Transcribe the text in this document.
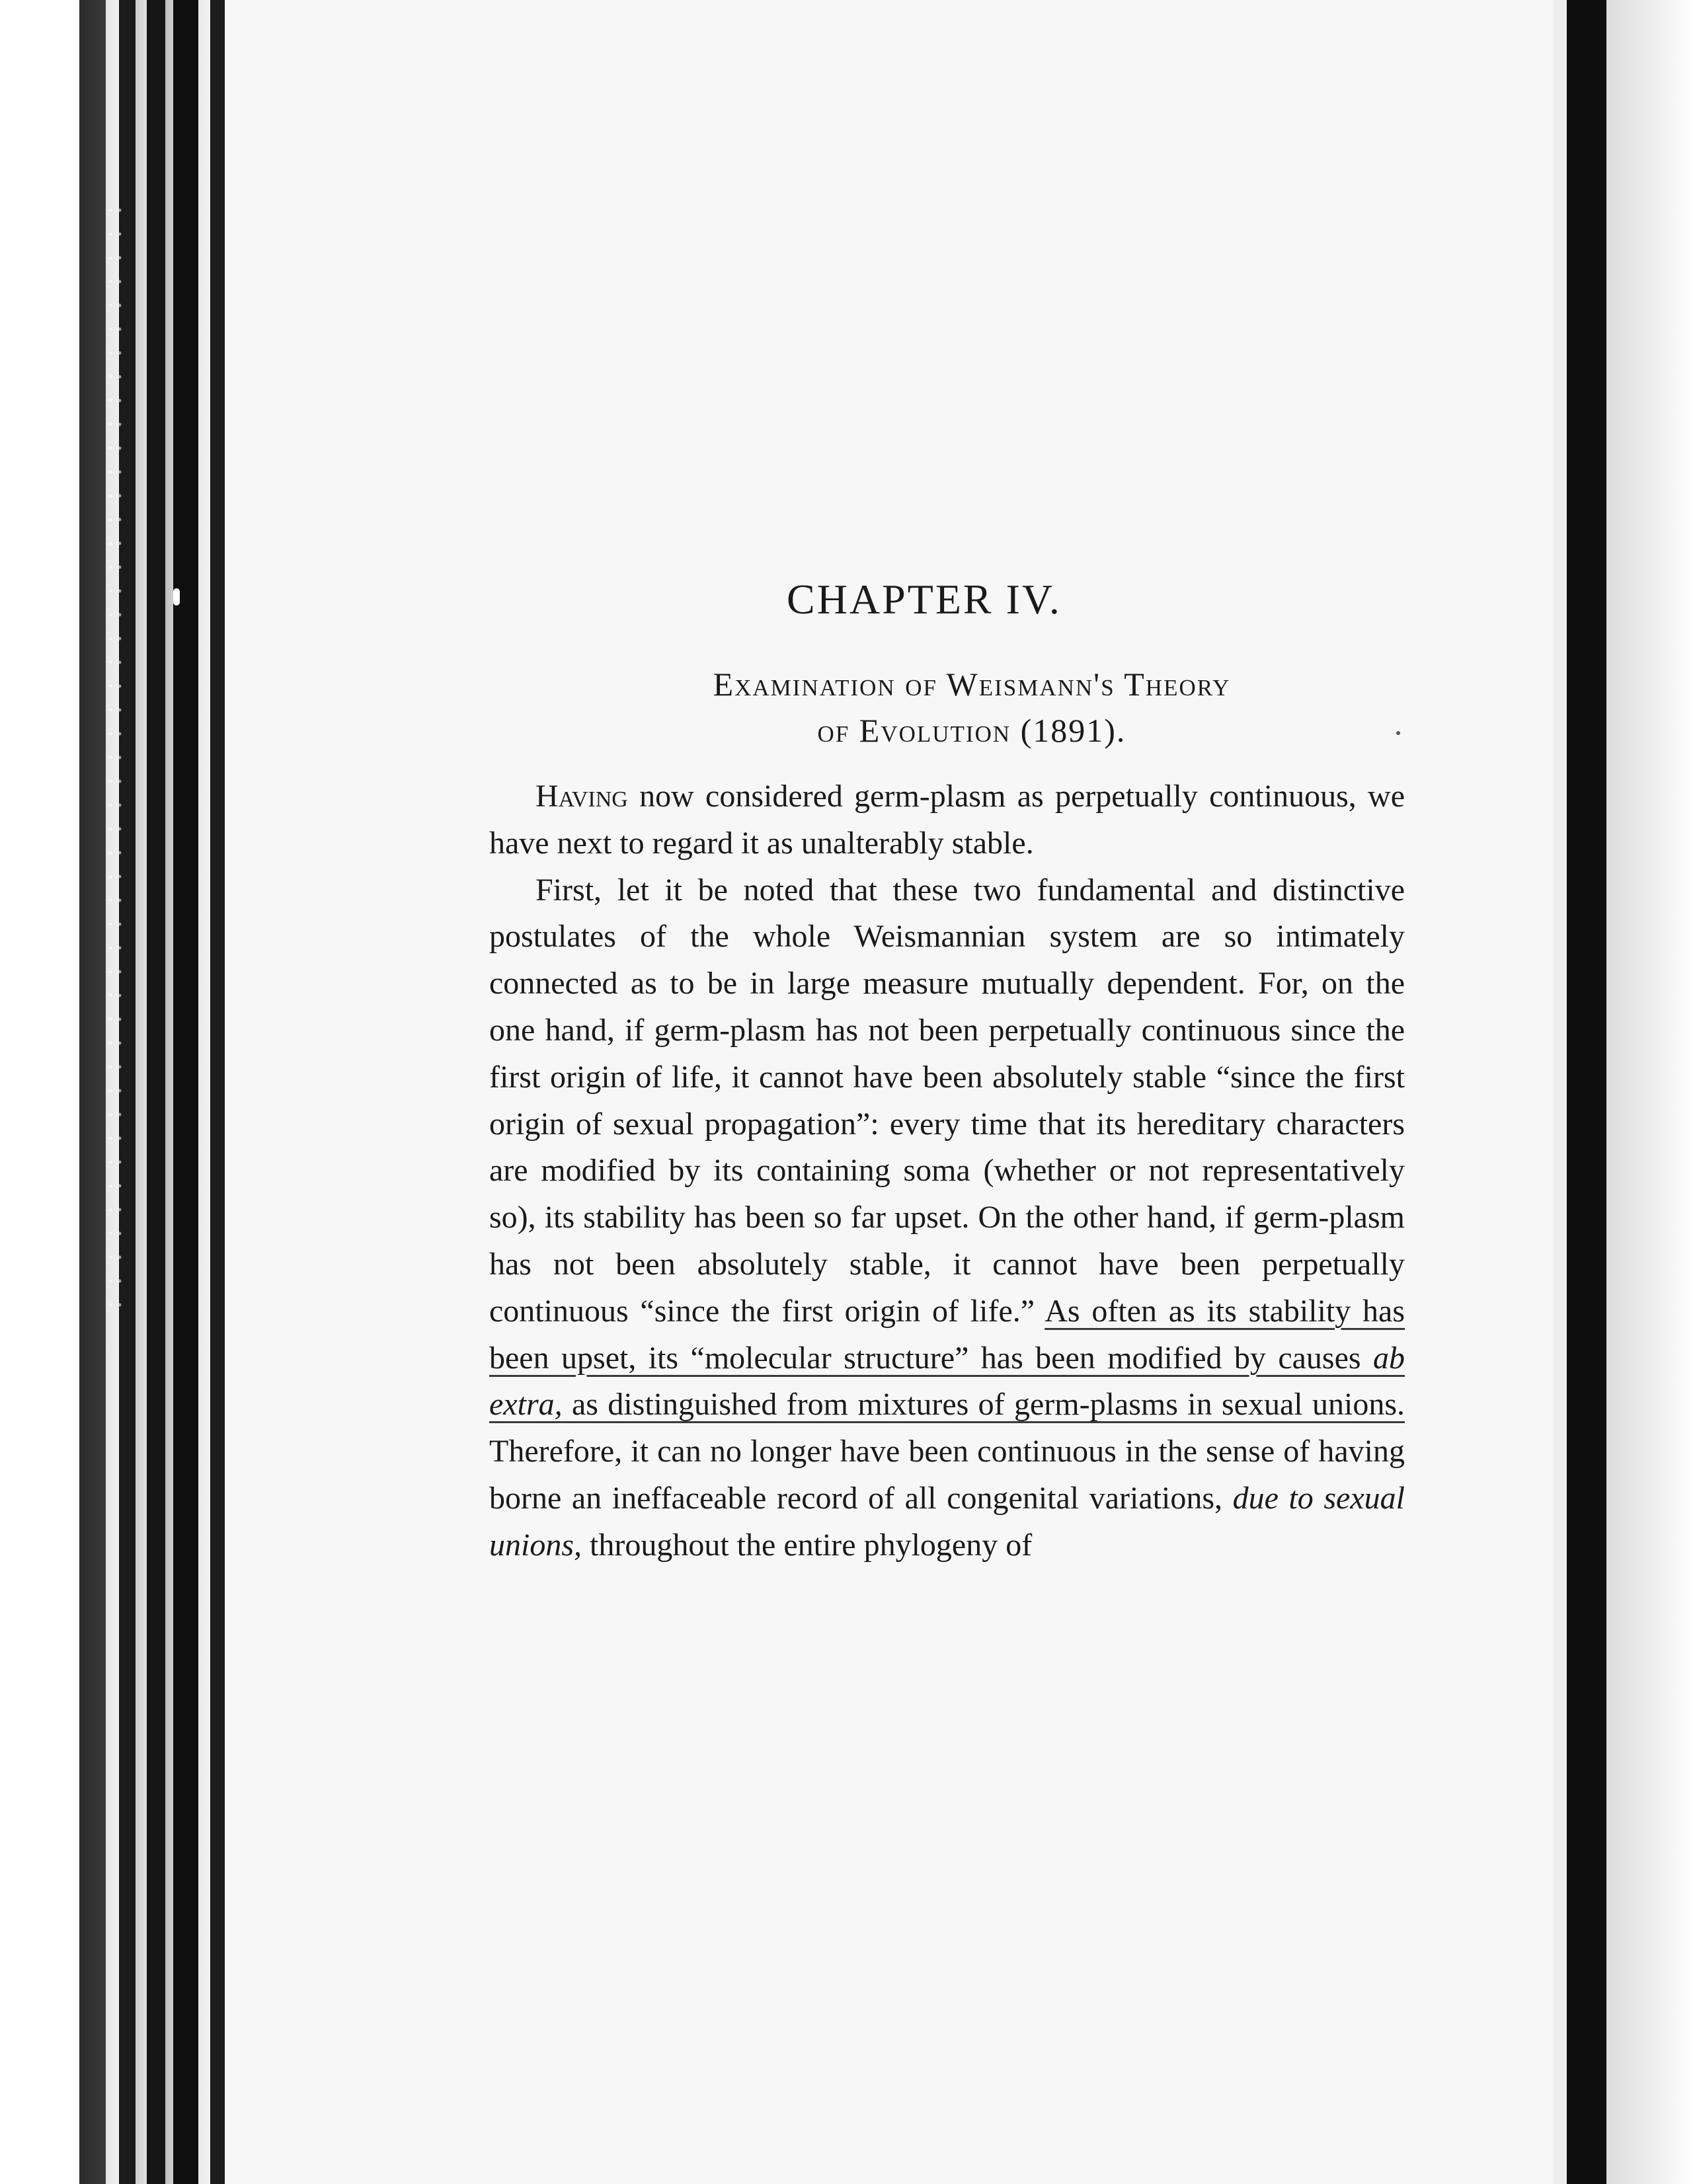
CHAPTER IV.
Examination of Weismann's Theory
of Evolution (1891).

Having now considered germ-plasm as perpetually continuous, we have next to regard it as unalterably stable.

First, let it be noted that these two fundamental and distinctive postulates of the whole Weismannian system are so intimately connected as to be in large measure mutually dependent. For, on the one hand, if germ-plasm has not been perpetually continuous since the first origin of life, it cannot have been absolutely stable “since the first origin of sexual propagation”: every time that its hereditary characters are modified by its containing soma (whether or not representatively so), its stability has been so far upset. On the other hand, if germ-plasm has not been absolutely stable, it cannot have been perpetually continuous “since the first origin of life.” As often as its stability has been upset, its “molecular structure” has been modified by causes ab extra, as distinguished from mixtures of germ-plasms in sexual unions. Therefore, it can no longer have been continuous in the sense of having borne an ineffaceable record of all congenital variations, due to sexual unions, throughout the entire phylogeny of
